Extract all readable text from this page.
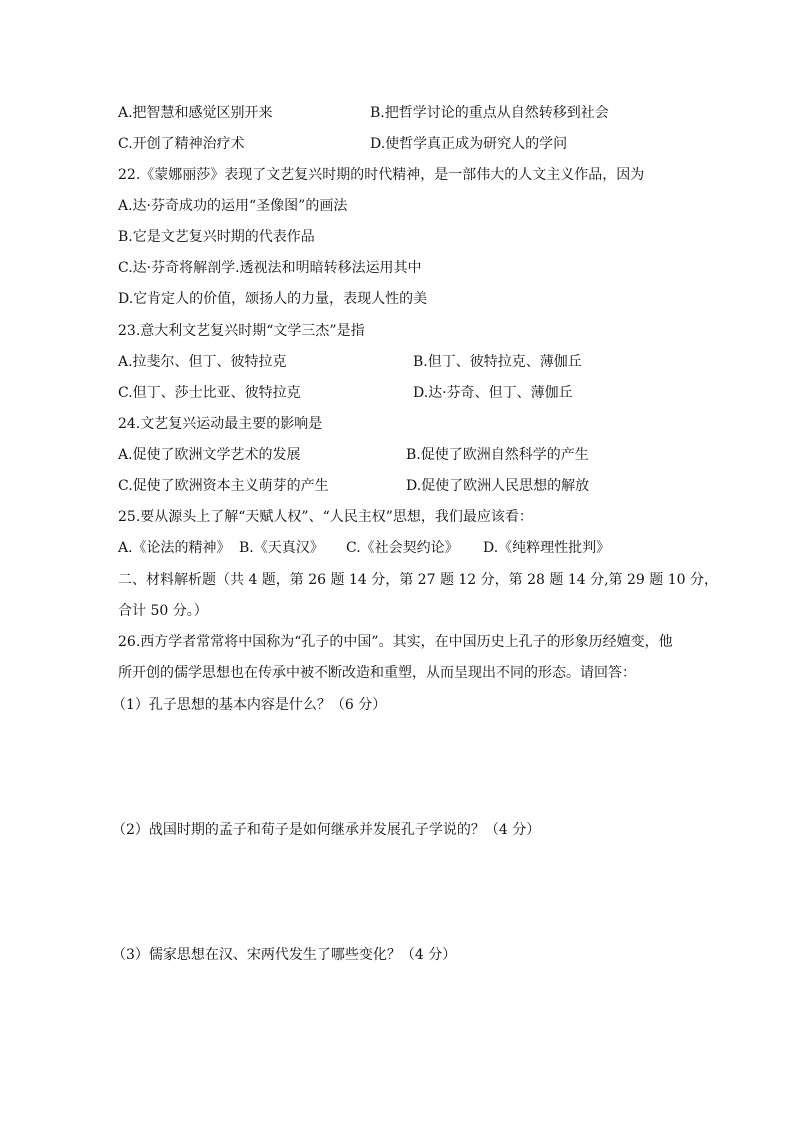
A.把智慧和感觉区别开来	B.把哲学讨论的重点从自然转移到社会
C.开创了精神治疗术	D.使哲学真正成为研究人的学问
22.《蒙娜丽莎》表现了文艺复兴时期的时代精神，是一部伟大的人文主义作品，因为
A.达·芬奇成功的运用“圣像图”的画法
B.它是文艺复兴时期的代表作品
C.达·芬奇将解剖学.透视法和明暗转移法运用其中
D.它肯定人的价值，颂扬人的力量，表现人性的美
23.意大利文艺复兴时期“文学三杰”是指
A.拉斐尔、但丁、彼特拉克	B.但丁、彼特拉克、薄伽丘
C.但丁、莎士比亚、彼特拉克	D.达·芬奇、但丁、薄伽丘
24.文艺复兴运动最主要的影响是
A.促使了欧洲文学艺术的发展	B.促使了欧洲自然科学的产生
C.促使了欧洲资本主义萌芽的产生	D.促使了欧洲人民思想的解放
25.要从源头上了解“天赋人权”、“人民主权”思想，我们最应该看：
A.《论法的精神》 B.《天真汉》 C.《社会契约论》 D.《纯粹理性批判》
二、材料解析题（共 4 题，第 26 题 14 分，第 27 题 12 分，第 28 题 14 分,第 29 题 10 分，
合计 50 分。）
26.西方学者常常将中国称为“孔子的中国”。其实，在中国历史上孔子的形象历经嬗变，他
所开创的儒学思想也在传承中被不断改造和重塑，从而呈现出不同的形态。请回答：
（1）孔子思想的基本内容是什么？（6 分）
（2）战国时期的孟子和荀子是如何继承并发展孔子学说的？（4 分）
（3）儒家思想在汉、宋两代发生了哪些变化？（4 分）
